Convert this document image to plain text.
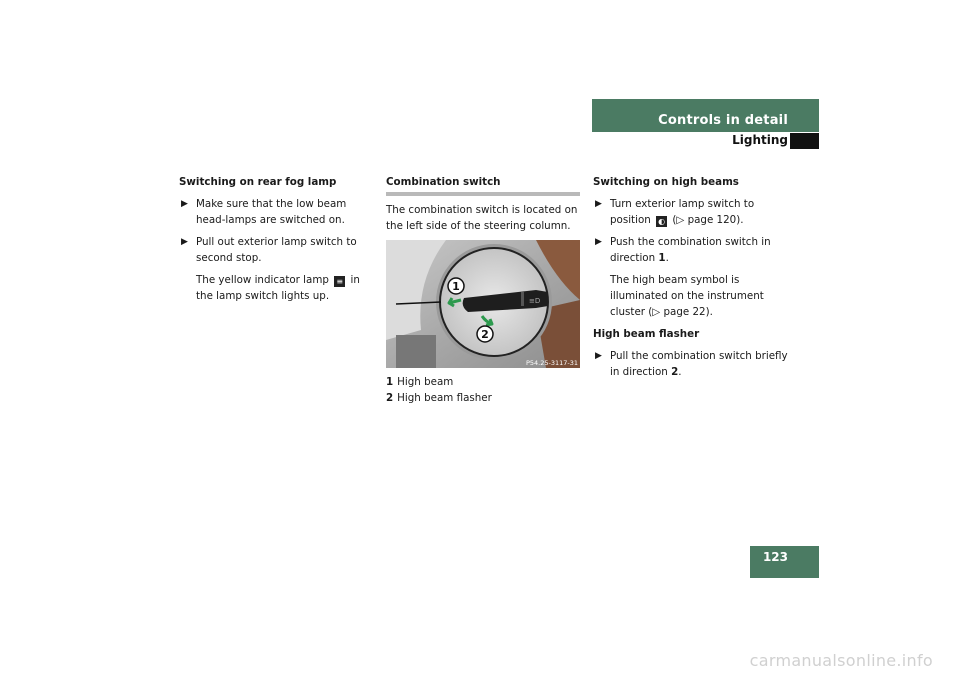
Controls in detail
Lighting
Switching on rear fog lamp
▶ Make sure that the low beam head-lamps are switched on.
▶ Pull out exterior lamp switch to second stop.
The yellow indicator lamp ≡ in the lamp switch lights up.
Combination switch
The combination switch is located on the left side of the steering column.
≡D
1
2
P54.25-3117-31
1 High beam
2 High beam flasher
Switching on high beams
▶ Turn exterior lamp switch to position ◐ (▷ page 120).
▶ Push the combination switch in direction 1.
The high beam symbol is illuminated on the instrument cluster (▷ page 22).
High beam flasher
▶ Pull the combination switch briefly in direction 2.
123
carmanualsonline.info
